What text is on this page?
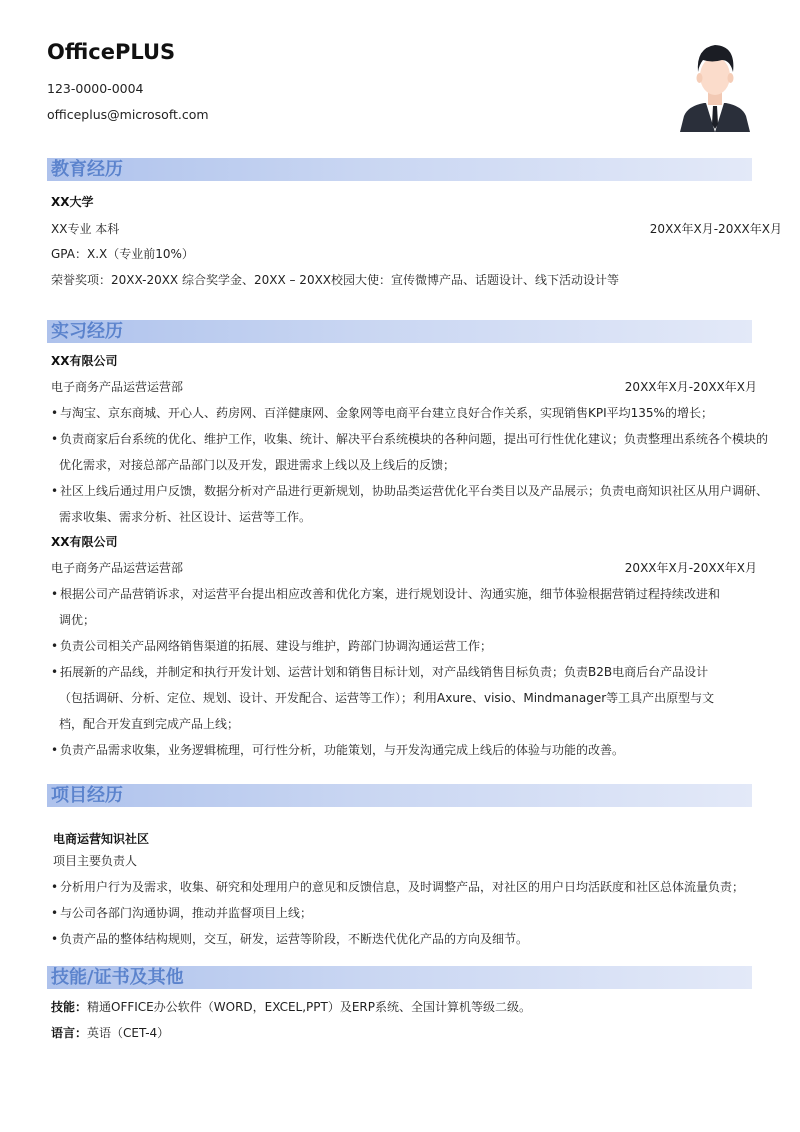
OfficePLUS
123-0000-0004
officeplus@microsoft.com
教育经历
XX大学
XX专业 本科	20XX年X月-20XX年X月
GPA：X.X（专业前10%）
荣誉奖项：20XX-20XX 综合奖学金、20XX – 20XX校园大使：宣传微博产品、话题设计、线下活动设计等
实习经历
XX有限公司
电子商务产品运营运营部	20XX年X月-20XX年X月
• 与淘宝、京东商城、开心人、药房网、百洋健康网、金象网等电商平台建立良好合作关系，实现销售KPI平均135%的增长；
• 负责商家后台系统的优化、维护工作，收集、统计、解决平台系统模块的各种问题，提出可行性优化建议；负责整理出系统各个模块的
优化需求，对接总部产品部门以及开发，跟进需求上线以及上线后的反馈；
• 社区上线后通过用户反馈，数据分析对产品进行更新规划，协助品类运营优化平台类目以及产品展示；负责电商知识社区从用户调研、
需求收集、需求分析、社区设计、运营等工作。
XX有限公司
电子商务产品运营运营部	20XX年X月-20XX年X月
• 根据公司产品营销诉求，对运营平台提出相应改善和优化方案，进行规划设计、沟通实施，细节体验根据营销过程持续改进和
调优；
• 负责公司相关产品网络销售渠道的拓展、建设与维护，跨部门协调沟通运营工作；
• 拓展新的产品线，并制定和执行开发计划、运营计划和销售目标计划，对产品线销售目标负责；负责B2B电商后台产品设计
（包括调研、分析、定位、规划、设计、开发配合、运营等工作）；利用Axure、visio、Mindmanager等工具产出原型与文
档，配合开发直到完成产品上线；
• 负责产品需求收集，业务逻辑梳理，可行性分析，功能策划，与开发沟通完成上线后的体验与功能的改善。
项目经历
电商运营知识社区
项目主要负责人
• 分析用户行为及需求，收集、研究和处理用户的意见和反馈信息，及时调整产品，对社区的用户日均活跃度和社区总体流量负责；
• 与公司各部门沟通协调，推动并监督项目上线；
• 负责产品的整体结构规则，交互，研发，运营等阶段，不断迭代优化产品的方向及细节。
技能/证书及其他
技能：精通OFFICE办公软件（WORD，EXCEL,PPT）及ERP系统、全国计算机等级二级。
语言：英语（CET-4）
